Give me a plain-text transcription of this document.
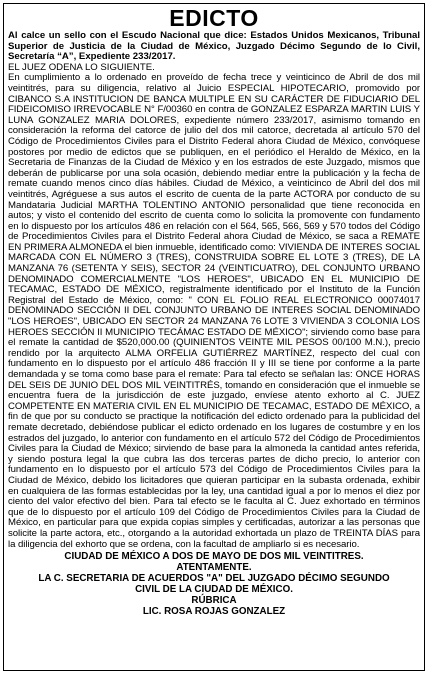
EDICTO

Al calce un sello con el Escudo Nacional que dice: Estados Unidos Mexicanos, Tribunal Superior de Justicia de la Ciudad de México, Juzgado Décimo Segundo de lo Civil, Secretaría “A”, Expediente 233/2017.

EL JUEZ ODENA LO SIGUIENTE.

En cumplimiento a lo ordenado en proveído de fecha trece y veinticinco de Abril de dos mil veintitrés, para su diligencia, relativo al Juicio ESPECIAL HIPOTECARIO, promovido por CIBANCO S.A INSTITUCION DE BANCA MULTIPLE EN SU CARÁCTER DE FIDUCIARIO DEL FIDEICOMISO IRREVOCABLE N° F/00360 en contra de GONZALEZ ESPARZA MARTIN LUIS Y LUNA GONZALEZ MARIA DOLORES, expediente número 233/2017, asimismo tomando en consideración la reforma del catorce de julio del dos mil catorce, decretada al artículo 570 del Código de Procedimientos Civiles para el Distrito Federal ahora Ciudad de México, convóquese postores por medio de edictos que se publiquen, en el periódico el Heraldo de México, en la Secretaria de Finanzas de la Ciudad de México y en los estrados de este Juzgado, mismos que deberán de publicarse por una sola ocasión, debiendo mediar entre la publicación y la fecha de remate cuando menos cinco días hábiles. Ciudad de México, a veinticinco de Abril del dos mil veintitrés, Agréguese a sus autos el escrito de cuenta de la parte ACTORA por conducto de su Mandataria Judicial MARTHA TOLENTINO ANTONIO personalidad que tiene reconocida en autos; y visto el contenido del escrito de cuenta como lo solicita la promovente con fundamento en lo dispuesto por los artículos 486 en relación con el 564, 565, 566, 569 y 570 todos del Código de Procedimientos Civiles para el Distrito Federal ahora Ciudad de México, se saca a REMATE EN PRIMERA ALMONEDA el bien inmueble, identificado como: VIVIENDA DE INTERES SOCIAL MARCADA CON EL NÚMERO 3 (TRES), CONSTRUIDA SOBRE EL LOTE 3 (TRES), DE LA MANZANA 76 (SETENTA Y SEIS), SECTOR 24 (VEINTICUATRO), DEL CONJUNTO URBANO DENOMINADO COMERCIALMENTE "LOS HEROES", UBICADO EN EL MUNICIPIO DE TECAMAC, ESTADO DE MÉXICO, registralmente identificado por el Instituto de la Función Registral del Estado de México, como: " CON EL FOLIO REAL ELECTRONICO 00074017 DENOMINADO SECCIÓN II DEL CONJUNTO URBANO DE INTERES SOCIAL DENOMINADO "LOS HEROES", UBICADO EN SECTOR 24 MANZANA 76 LOTE 3 VIVIENDA 3 COLONIA LOS HEROES SECCIÓN II MUNICIPIO TECÁMAC ESTADO DE MÉXICO"; sirviendo como base para el remate la cantidad de $520,000.00 (QUINIENTOS VEINTE MIL PESOS 00/100 M.N.), precio rendido por la arquitecto ALMA ORFELIA GUTIÉRREZ MARTÍNEZ, respecto del cual con fundamento en lo dispuesto por el artículo 486 fracción II y III se tiene por conforme a la parte demandada y se toma como base para el remate: Para tal efecto se señalan las: ONCE HORAS DEL SEIS DE JUNIO DEL DOS MIL VEINTITRÉS, tomando en consideración que el inmueble se encuentra fuera de la jurisdicción de este juzgado, envíese atento exhorto al C. JUEZ COMPETENTE EN MATERIA CIVIL EN EL MUNICIPIO DE TECAMAC, ESTADO DE MÉXICO, a fin de que por su conducto se practique la notificación del edicto ordenado para la publicidad del remate decretado, debiéndose publicar el edicto ordenado en los lugares de costumbre y en los estrados del juzgado, lo anterior con fundamento en el artículo 572 del Código de Procedimientos Civiles para la Ciudad de México; sirviendo de base para la almoneda la cantidad antes referida, y siendo postura legal la que cubra las dos terceras partes de dicho precio, lo anterior con fundamento en lo dispuesto por el artículo 573 del Código de Procedimientos Civiles para la Ciudad de México, debido los licitadores que quieran participar en la subasta ordenada, exhibir en cualquiera de las formas establecidas por la ley, una cantidad igual a por lo menos el diez por ciento del valor efectivo del bien. Para tal efecto se le faculta al C. Juez exhortado en términos que de lo dispuesto por el artículo 109 del Código de Procedimientos Civiles para la Ciudad de México, en particular para que expida copias simples y certificadas, autorizar a las personas que solicite la parte actora, etc., otorgando a la autoridad exhortada un plazo de TREINTA DÍAS para la diligencia del exhorto que se ordena, con la facultad de ampliarlo si es necesario.

CIUDAD DE MÉXICO A DOS DE MAYO DE DOS MIL VEINTITRES.

ATENTAMENTE.

LA C. SECRETARIA DE ACUERDOS "A" DEL JUZGADO DÉCIMO SEGUNDO

CIVIL DE LA CIUDAD DE MÉXICO.

RÚBRICA

LIC. ROSA ROJAS GONZALEZ
